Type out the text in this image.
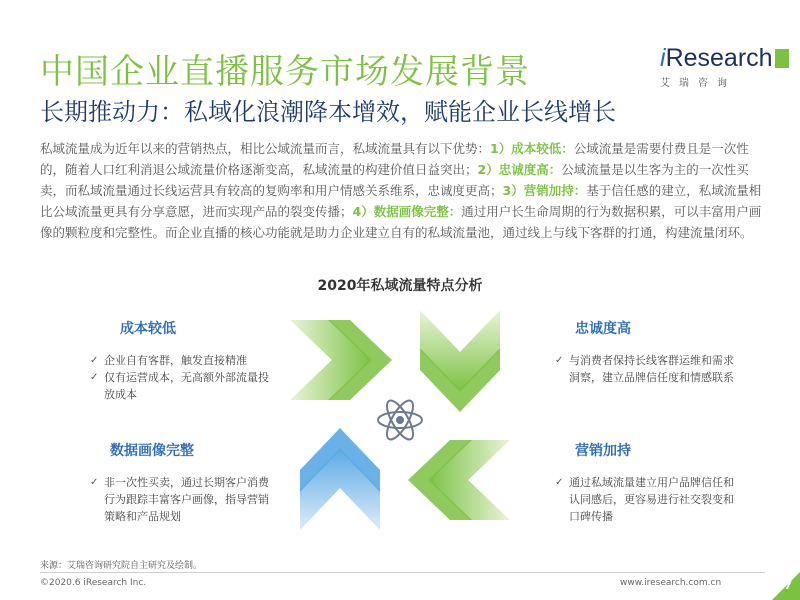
中国企业直播服务市场发展背景
长期推动力：私域化浪潮降本增效，赋能企业长线增长
iResearch
艾瑞咨询

私域流量成为近年以来的营销热点，相比公域流量而言，私域流量具有以下优势：1）成本较低：公域流量是需要付费且是一次性的，随着人口红利消退公域流量价格逐渐变高，私域流量的构建价值日益突出；2）忠诚度高：公域流量是以生客为主的一次性买卖，而私域流量通过长线运营具有较高的复购率和用户情感关系维系，忠诚度更高；3）营销加持：基于信任感的建立，私域流量相比公域流量更具有分享意愿，进而实现产品的裂变传播；4）数据画像完整：通过用户长生命周期的行为数据积累，可以丰富用户画像的颗粒度和完整性。而企业直播的核心功能就是助力企业建立自有的私域流量池，通过线上与线下客群的打通，构建流量闭环。

2020年私域流量特点分析
成本较低
✓ 企业自有客群，触发直接精准
✓ 仅有运营成本，无高额外部流量投放成本
忠诚度高
✓ 与消费者保持长线客群运维和需求洞察，建立品牌信任度和情感联系
数据画像完整
✓ 非一次性买卖，通过长期客户消费行为跟踪丰富客户画像，指导营销策略和产品规划
营销加持
✓ 通过私域流量建立用户品牌信任和认同感后，更容易进行社交裂变和口碑传播

来源：艾瑞咨询研究院自主研究及绘制。

©2020.6 iResearch Inc.	www.iresearch.com.cn	7
